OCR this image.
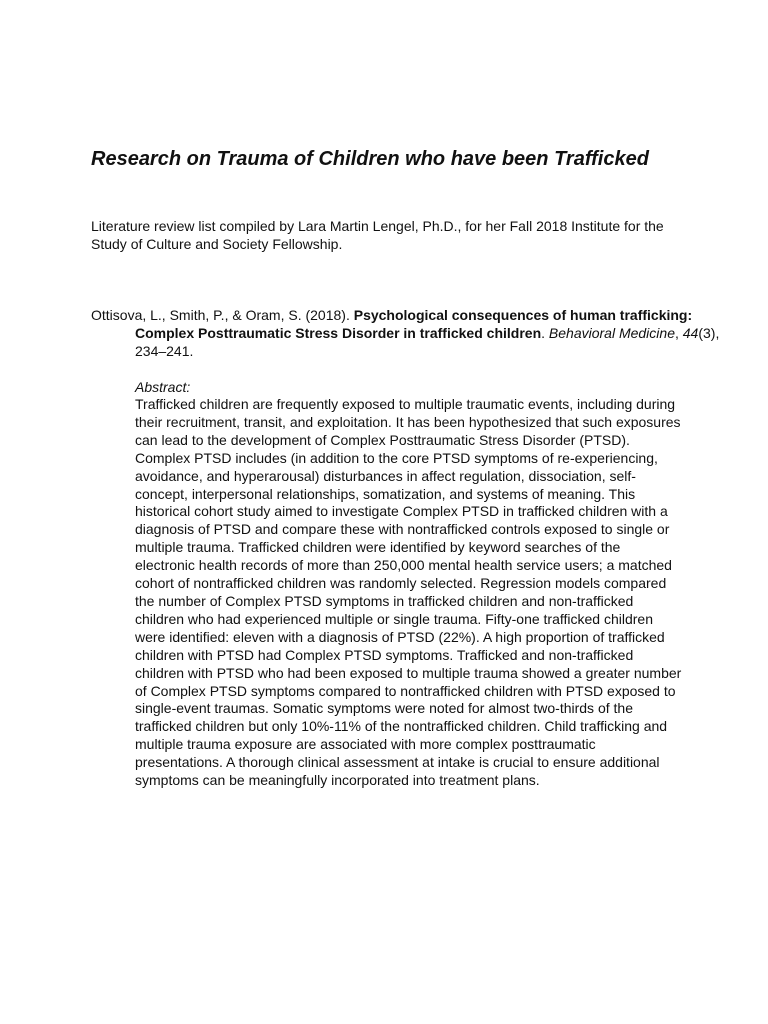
Research on Trauma of Children who have been Trafficked

Literature review list compiled by Lara Martin Lengel, Ph.D., for her Fall 2018 Institute for the Study of Culture and Society Fellowship.

Ottisova, L., Smith, P., & Oram, S. (2018). Psychological consequences of human trafficking: Complex Posttraumatic Stress Disorder in trafficked children. Behavioral Medicine, 44(3), 234–241.

Abstract:

Trafficked children are frequently exposed to multiple traumatic events, including during their recruitment, transit, and exploitation. It has been hypothesized that such exposures can lead to the development of Complex Posttraumatic Stress Disorder (PTSD). Complex PTSD includes (in addition to the core PTSD symptoms of re-experiencing, avoidance, and hyperarousal) disturbances in affect regulation, dissociation, self-concept, interpersonal relationships, somatization, and systems of meaning. This historical cohort study aimed to investigate Complex PTSD in trafficked children with a diagnosis of PTSD and compare these with nontrafficked controls exposed to single or multiple trauma. Trafficked children were identified by keyword searches of the electronic health records of more than 250,000 mental health service users; a matched cohort of nontrafficked children was randomly selected. Regression models compared the number of Complex PTSD symptoms in trafficked children and non-trafficked children who had experienced multiple or single trauma. Fifty-one trafficked children were identified: eleven with a diagnosis of PTSD (22%). A high proportion of trafficked children with PTSD had Complex PTSD symptoms. Trafficked and non-trafficked children with PTSD who had been exposed to multiple trauma showed a greater number of Complex PTSD symptoms compared to nontrafficked children with PTSD exposed to single-event traumas. Somatic symptoms were noted for almost two-thirds of the trafficked children but only 10%-11% of the nontrafficked children. Child trafficking and multiple trauma exposure are associated with more complex posttraumatic presentations. A thorough clinical assessment at intake is crucial to ensure additional symptoms can be meaningfully incorporated into treatment plans.
